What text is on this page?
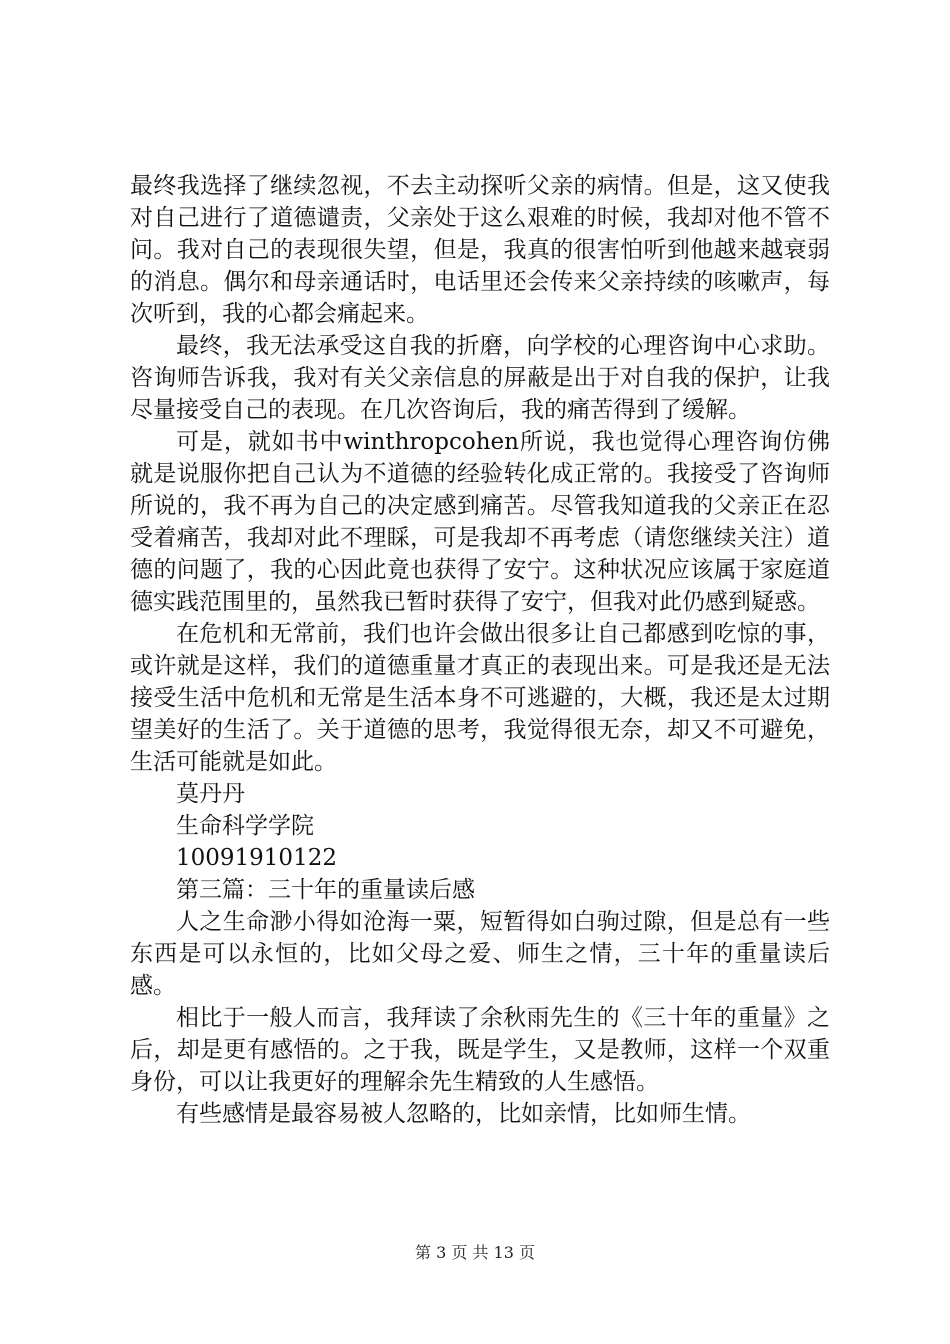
最终我选择了继续忽视，不去主动探听父亲的病情。但是，这又使我对自己进行了道德谴责，父亲处于这么艰难的时候，我却对他不管不问。我对自己的表现很失望，但是，我真的很害怕听到他越来越衰弱的消息。偶尔和母亲通话时，电话里还会传来父亲持续的咳嗽声，每次听到，我的心都会痛起来。

最终，我无法承受这自我的折磨，向学校的心理咨询中心求助。咨询师告诉我，我对有关父亲信息的屏蔽是出于对自我的保护，让我尽量接受自己的表现。在几次咨询后，我的痛苦得到了缓解。

可是，就如书中winthropcohen所说，我也觉得心理咨询仿佛就是说服你把自己认为不道德的经验转化成正常的。我接受了咨询师所说的，我不再为自己的决定感到痛苦。尽管我知道我的父亲正在忍受着痛苦，我却对此不理睬，可是我却不再考虑（请您继续关注）道德的问题了，我的心因此竟也获得了安宁。这种状况应该属于家庭道德实践范围里的，虽然我已暂时获得了安宁，但我对此仍感到疑惑。

在危机和无常前，我们也许会做出很多让自己都感到吃惊的事，或许就是这样，我们的道德重量才真正的表现出来。可是我还是无法接受生活中危机和无常是生活本身不可逃避的，大概，我还是太过期望美好的生活了。关于道德的思考，我觉得很无奈，却又不可避免，生活可能就是如此。

莫丹丹

生命科学学院

10091910122

第三篇：三十年的重量读后感

人之生命渺小得如沧海一粟，短暂得如白驹过隙，但是总有一些东西是可以永恒的，比如父母之爱、师生之情，三十年的重量读后感。

相比于一般人而言，我拜读了余秋雨先生的《三十年的重量》之后，却是更有感悟的。之于我，既是学生，又是教师，这样一个双重身份，可以让我更好的理解余先生精致的人生感悟。

有些感情是最容易被人忽略的，比如亲情，比如师生情。

第 3 页 共 13 页
